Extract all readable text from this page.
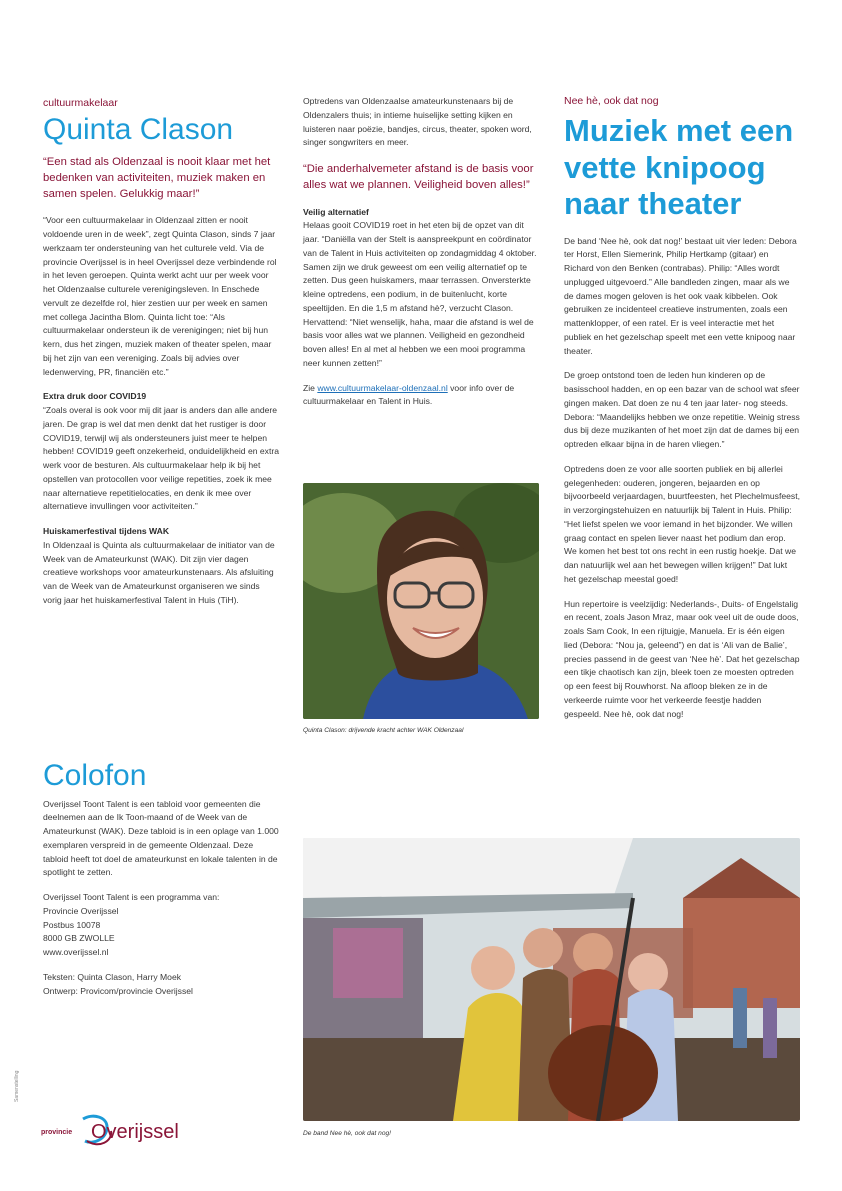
cultuurmakelaar

Quinta Clason

“Een stad als Oldenzaal is nooit klaar met het bedenken van activiteiten, muziek maken en samen spelen. Gelukkig maar!”

“Voor een cultuurmakelaar in Oldenzaal zitten er nooit voldoende uren in de week”, zegt Quinta Clason, sinds 7 jaar werkzaam ter ondersteuning van het culturele veld. Via de provincie Overijssel is in heel Overijssel deze verbindende rol in het leven geroepen. Quinta werkt acht uur per week voor het Oldenzaalse culturele verenigingsleven. In Enschede vervult ze dezelfde rol, hier zestien uur per week en samen met collega Jacintha Blom. Quinta licht toe: “Als cultuurmakelaar ondersteun ik de verenigingen; niet bij hun kern, dus het zingen, muziek maken of theater spelen, maar bij het zijn van een vereniging. Zoals bij advies over ledenwerving, PR, financiën etc.”

Extra druk door COVID19

“Zoals overal is ook voor mij dit jaar is anders dan alle andere jaren. De grap is wel dat men denkt dat het rustiger is door COVID19, terwijl wij als ondersteuners juist meer te helpen hebben! COVID19 geeft onzekerheid, onduidelijkheid en extra werk voor de besturen. Als cultuurmakelaar help ik bij het opstellen van protocollen voor veilige repetities, zoek ik mee naar alternatieve repetitielocaties, en denk ik mee over alternatieve invullingen voor activiteiten.”

Huiskamerfestival tijdens WAK

In Oldenzaal is Quinta als cultuurmakelaar de initiator van de Week van de Amateurkunst (WAK). Dit zijn vier dagen creatieve workshops voor amateurkunstenaars. Als afsluiting van de Week van de Amateurkunst organiseren we sinds vorig jaar het huiskamerfestival Talent in Huis (TiH).

Optredens van Oldenzaalse amateurkunstenaars bij de Oldenzalers thuis; in intieme huiselijke setting kijken en luisteren naar poëzie, bandjes, circus, theater, spoken word, singer songwriters en meer.

“Die anderhalvemeter afstand is de basis voor alles wat we plannen. Veiligheid boven alles!”

Veilig alternatief

Helaas gooit COVID19 roet in het eten bij de opzet van dit jaar. “Daniëlla van der Stelt is aanspreekpunt en coördinator van de Talent in Huis activiteiten op zondagmiddag 4 oktober. Samen zijn we druk geweest om een veilig alternatief op te zetten. Dus geen huiskamers, maar terrassen. Onversterkte kleine optredens, een podium, in de buitenlucht, korte speeltijden. En die 1,5 m afstand hè?, verzucht Clason. Hervattend: “Niet wenselijk, haha, maar die afstand is wel de basis voor alles wat we plannen. Veiligheid en gezondheid boven alles! En al met al hebben we een mooi programma neer kunnen zetten!”

Zie www.cultuurmakelaar-oldenzaal.nl voor info over de cultuurmakelaar en Talent in Huis.

Quinta Clason: drijvende kracht achter WAK Oldenzaal

Nee hè, ook dat nog

Muziek met een vette knipoog naar theater

De band ‘Nee hè, ook dat nog!’ bestaat uit vier leden: Debora ter Horst, Ellen Siemerink, Philip Hertkamp (gitaar) en Richard von den Benken (contrabas). Philip: “Alles wordt unplugged uitgevoerd.” Alle bandleden zingen, maar als we de dames mogen geloven is het ook vaak kibbelen. Ook gebruiken ze incidenteel creatieve instrumenten, zoals een mattenklopper, of een ratel. Er is veel interactie met het publiek en het gezelschap speelt met een vette knipoog naar theater.

De groep ontstond toen de leden hun kinderen op de basisschool hadden, en op een bazar van de school wat sfeer gingen maken. Dat doen ze nu 4 ten jaar later- nog steeds. Debora: “Maandelijks hebben we onze repetitie. Weinig stress dus bij deze muzikanten of het moet zijn dat de dames bij een optreden elkaar bijna in de haren vliegen.”

Optredens doen ze voor alle soorten publiek en bij allerlei gelegenheden: ouderen, jongeren, bejaarden en op bijvoorbeeld verjaardagen, buurtfeesten, het Plechelmusfeest, in verzorgingstehuizen en natuurlijk bij Talent in Huis. Philip: “Het liefst spelen we voor iemand in het bijzonder. We willen graag contact en spelen liever naast het podium dan erop. We komen het best tot ons recht in een rustig hoekje. Dat we dan natuurlijk wel aan het bewegen willen krijgen!” Dat lukt het gezelschap meestal goed!

Hun repertoire is veelzijdig: Nederlands-, Duits- of Engelstalig en recent, zoals Jason Mraz, maar ook veel uit de oude doos, zoals Sam Cook, In een rijtuigje, Manuela. Er is één eigen lied (Debora: “Nou ja, geleend”) en dat is ‘Ali van de Balie’, precies passend in de geest van ‘Nee hè’. Dat het gezelschap een tikje chaotisch kan zijn, bleek toen ze moesten optreden op een feest bij Rouwhorst. Na afloop bleken ze in de verkeerde ruimte voor het verkeerde feestje hadden gespeeld. Nee hè, ook dat nog!

Colofon

Overijssel Toont Talent is een tabloid voor gemeenten die deelnemen aan de Ik Toon-maand of de Week van de Amateurkunst (WAK). Deze tabloid is in een oplage van 1.000 exemplaren verspreid in de gemeente Oldenzaal. Deze tabloid heeft tot doel de amateurkunst en lokale talenten in de spotlight te zetten.

Overijssel Toont Talent is een programma van:

Provincie Overijssel

Postbus 10078

8000 GB ZWOLLE

www.overijssel.nl

Teksten: Quinta Clason, Harry Moek

Ontwerp: Provicom/provincie Overijssel

De band Nee hè, ook dat nog!
provincie Overijssel
Samenstelling
